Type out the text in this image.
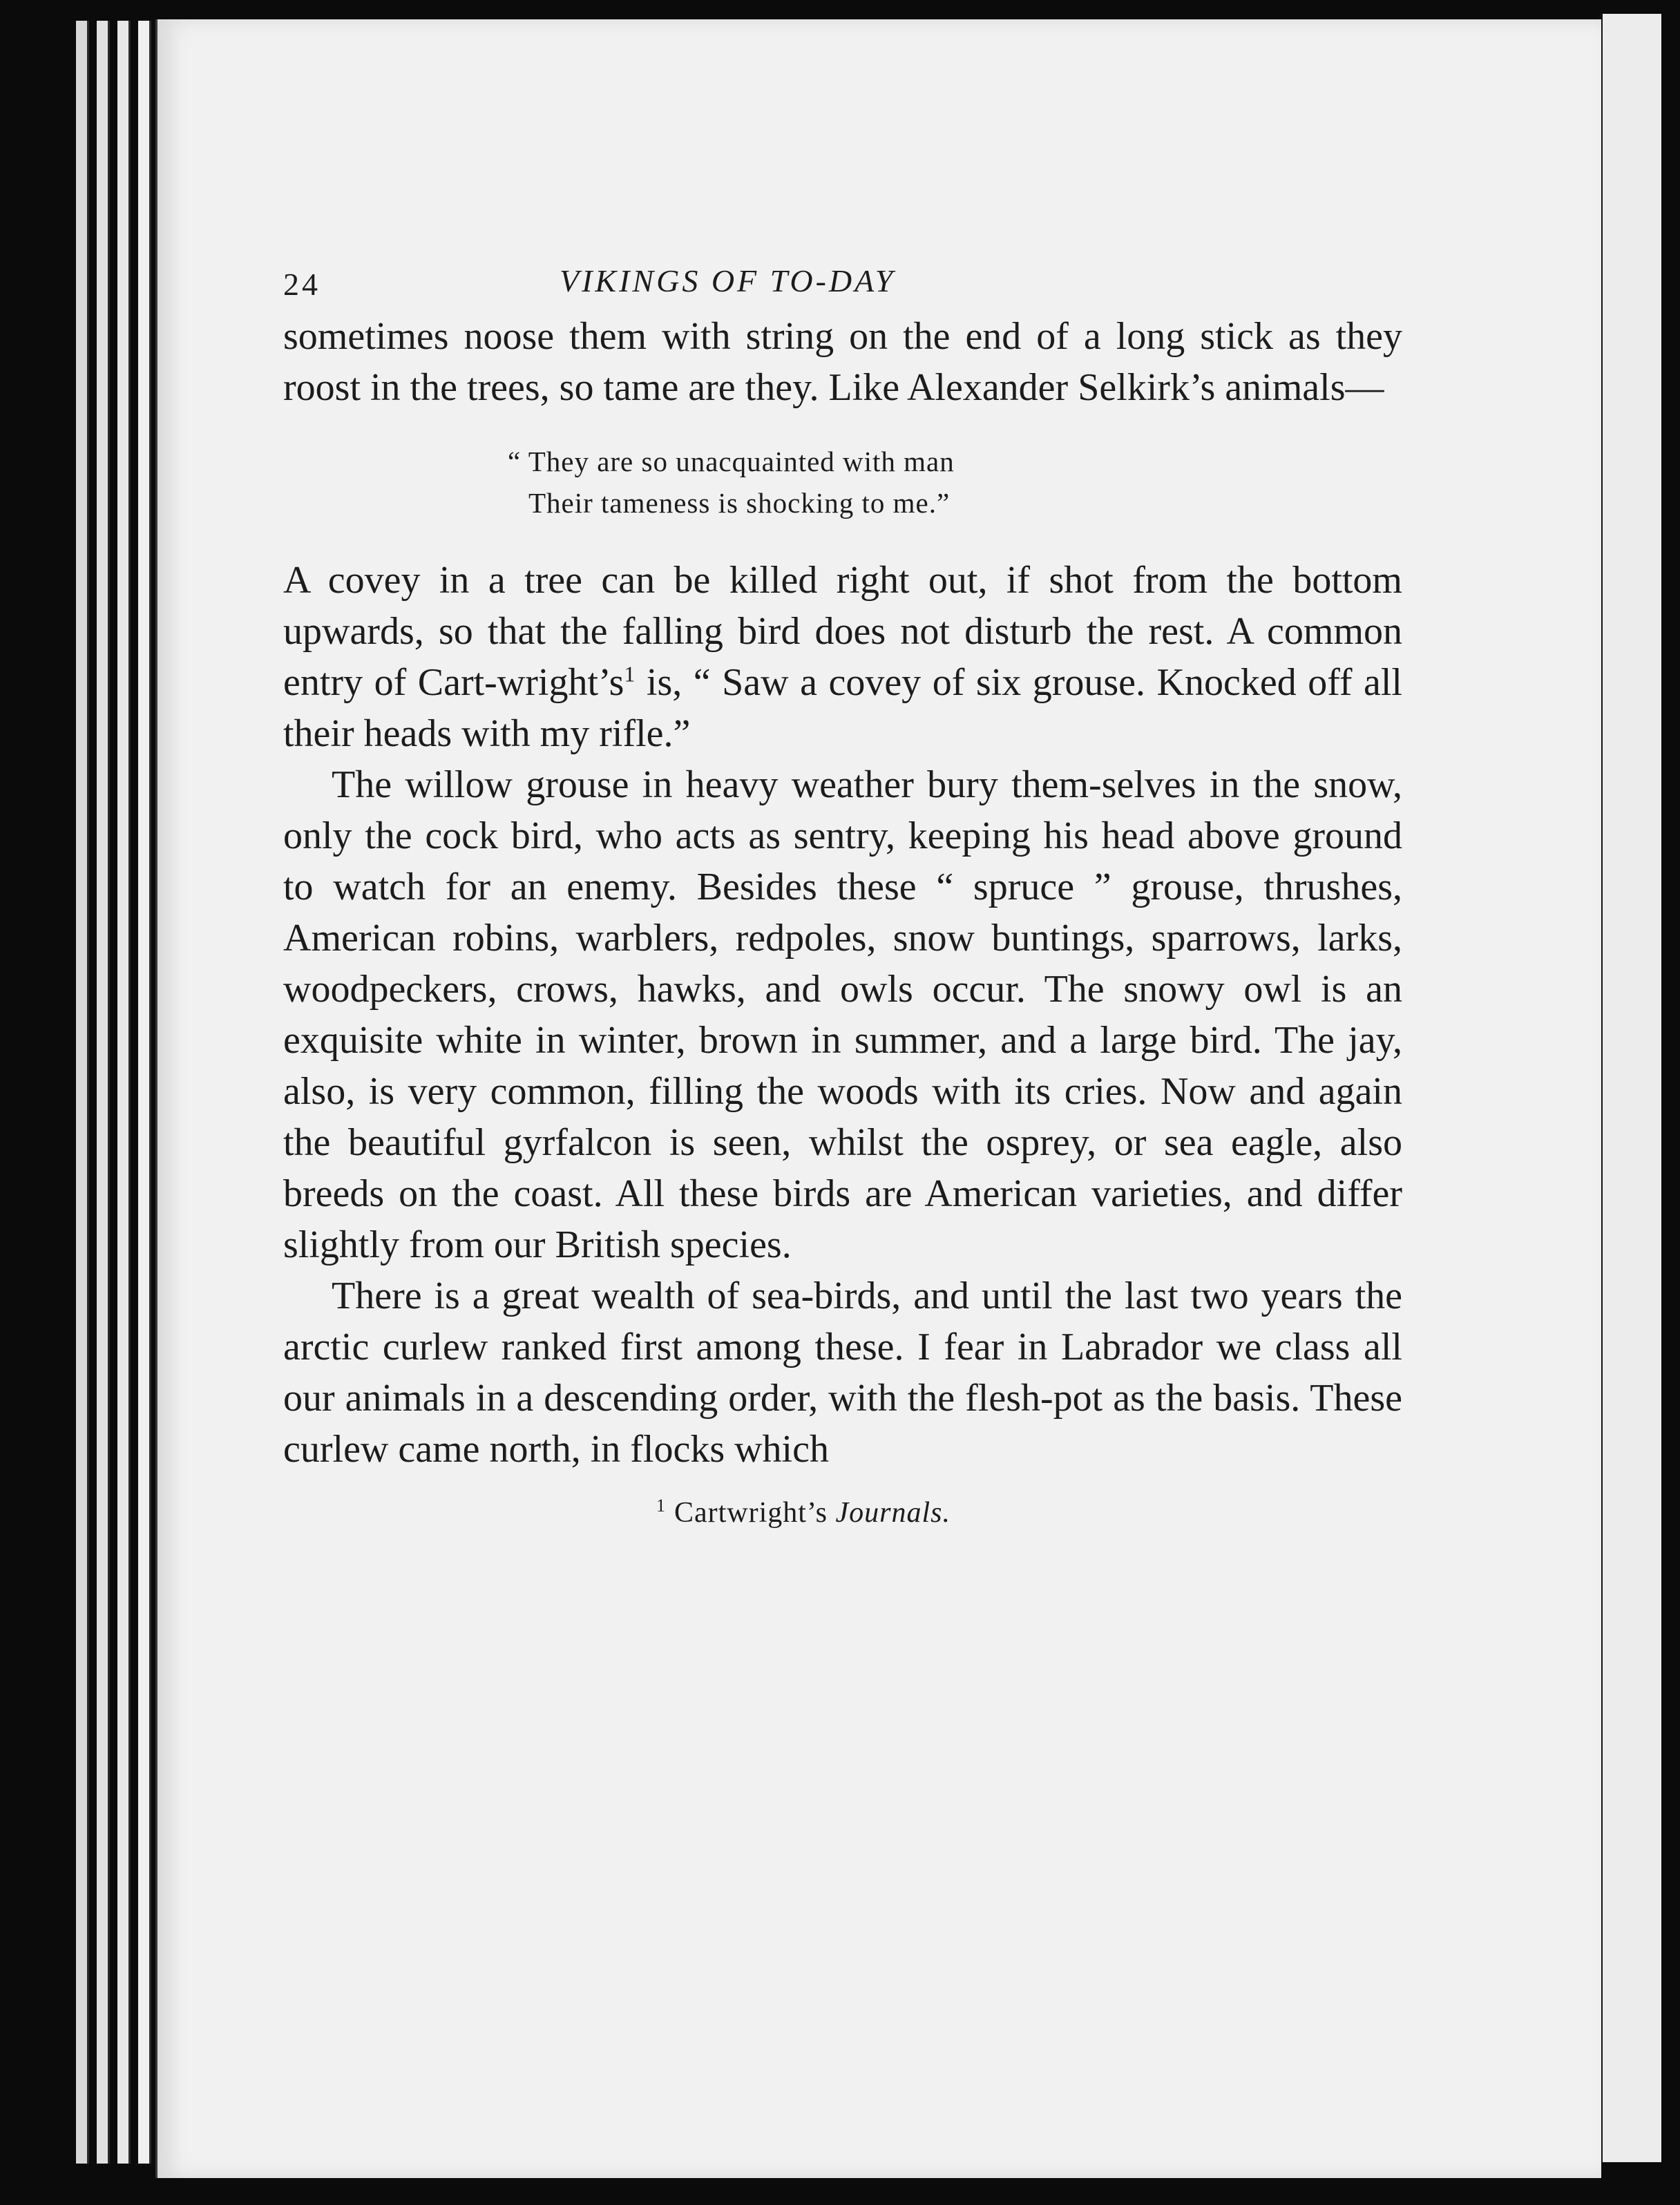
24	VIKINGS OF TO-DAY

sometimes noose them with string on the end of a long stick as they roost in the trees, so tame are they. Like Alexander Selkirk’s animals—

“ They are so unacquainted with man
Their tameness is shocking to me.”

A covey in a tree can be killed right out, if shot from the bottom upwards, so that the falling bird does not disturb the rest. A common entry of Cart-wright’s$^1$ is, “ Saw a covey of six grouse. Knocked off all their heads with my rifle.”

The willow grouse in heavy weather bury them-selves in the snow, only the cock bird, who acts as sentry, keeping his head above ground to watch for an enemy. Besides these “ spruce ” grouse, thrushes, American robins, warblers, redpoles, snow buntings, sparrows, larks, woodpeckers, crows, hawks, and owls occur. The snowy owl is an exquisite white in winter, brown in summer, and a large bird. The jay, also, is very common, filling the woods with its cries. Now and again the beautiful gyrfalcon is seen, whilst the osprey, or sea eagle, also breeds on the coast. All these birds are American varieties, and differ slightly from our British species.

There is a great wealth of sea-birds, and until the last two years the arctic curlew ranked first among these. I fear in Labrador we class all our animals in a descending order, with the flesh-pot as the basis. These curlew came north, in flocks which

$^1$ Cartwright’s Journals.
